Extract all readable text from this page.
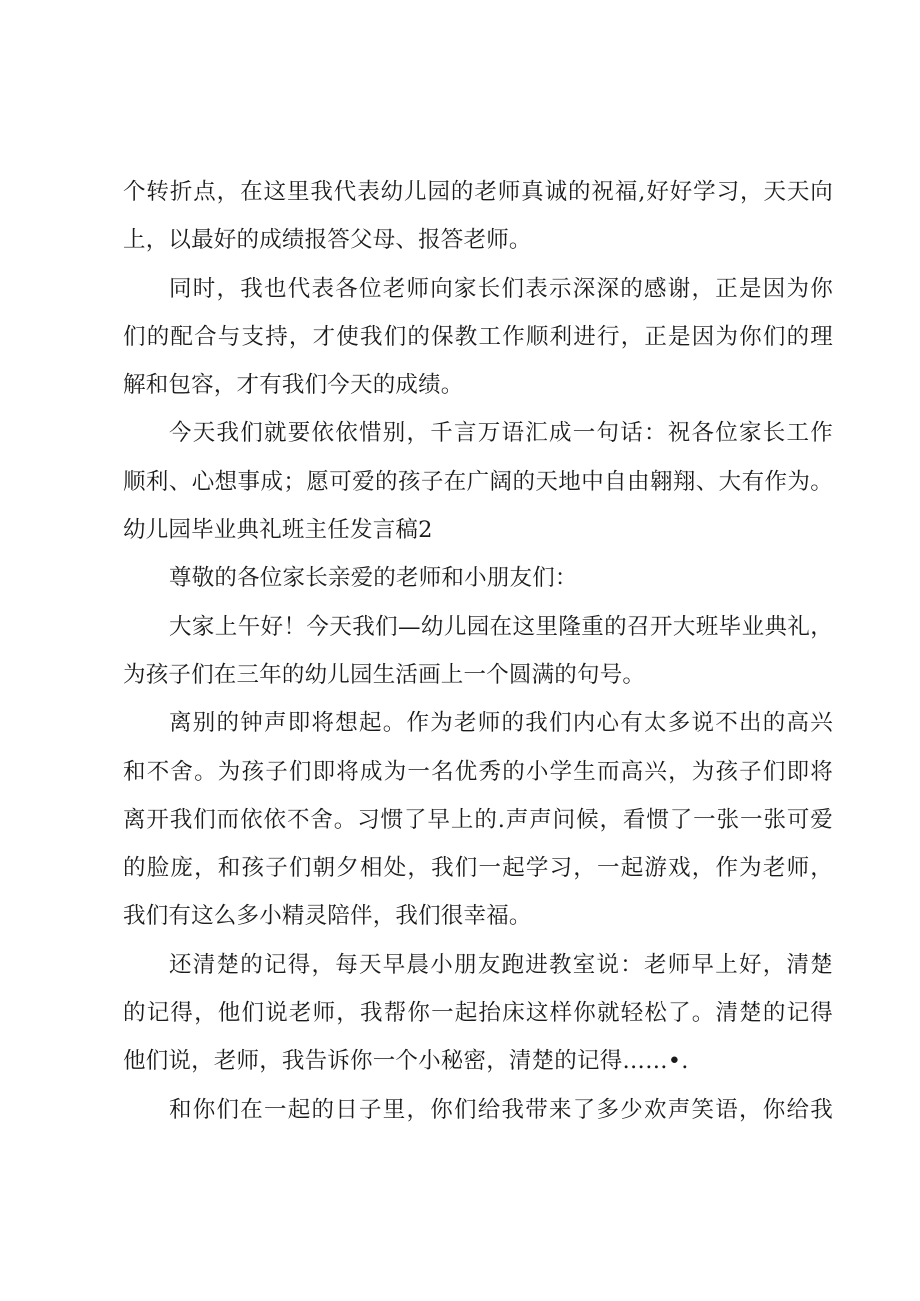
个转折点，在这里我代表幼儿园的老师真诚的祝福,好好学习，天天向
上，以最好的成绩报答父母、报答老师。
同时，我也代表各位老师向家长们表示深深的感谢，正是因为你
们的配合与支持，才使我们的保教工作顺利进行，正是因为你们的理
解和包容，才有我们今天的成绩。
今天我们就要依依惜别，千言万语汇成一句话：祝各位家长工作
顺利、心想事成；愿可爱的孩子在广阔的天地中自由翱翔、大有作为。
幼儿园毕业典礼班主任发言稿2
尊敬的各位家长亲爱的老师和小朋友们：
大家上午好！今天我们—幼儿园在这里隆重的召开大班毕业典礼，
为孩子们在三年的幼儿园生活画上一个圆满的句号。
离别的钟声即将想起。作为老师的我们内心有太多说不出的高兴
和不舍。为孩子们即将成为一名优秀的小学生而高兴，为孩子们即将
离开我们而依依不舍。习惯了早上的.声声问候，看惯了一张一张可爱
的脸庞，和孩子们朝夕相处，我们一起学习，一起游戏，作为老师，
我们有这么多小精灵陪伴，我们很幸福。
还清楚的记得，每天早晨小朋友跑进教室说：老师早上好，清楚
的记得，他们说老师，我帮你一起抬床这样你就轻松了。清楚的记得
他们说，老师，我告诉你一个小秘密，清楚的记得……•.
和你们在一起的日子里，你们给我带来了多少欢声笑语，你给我
